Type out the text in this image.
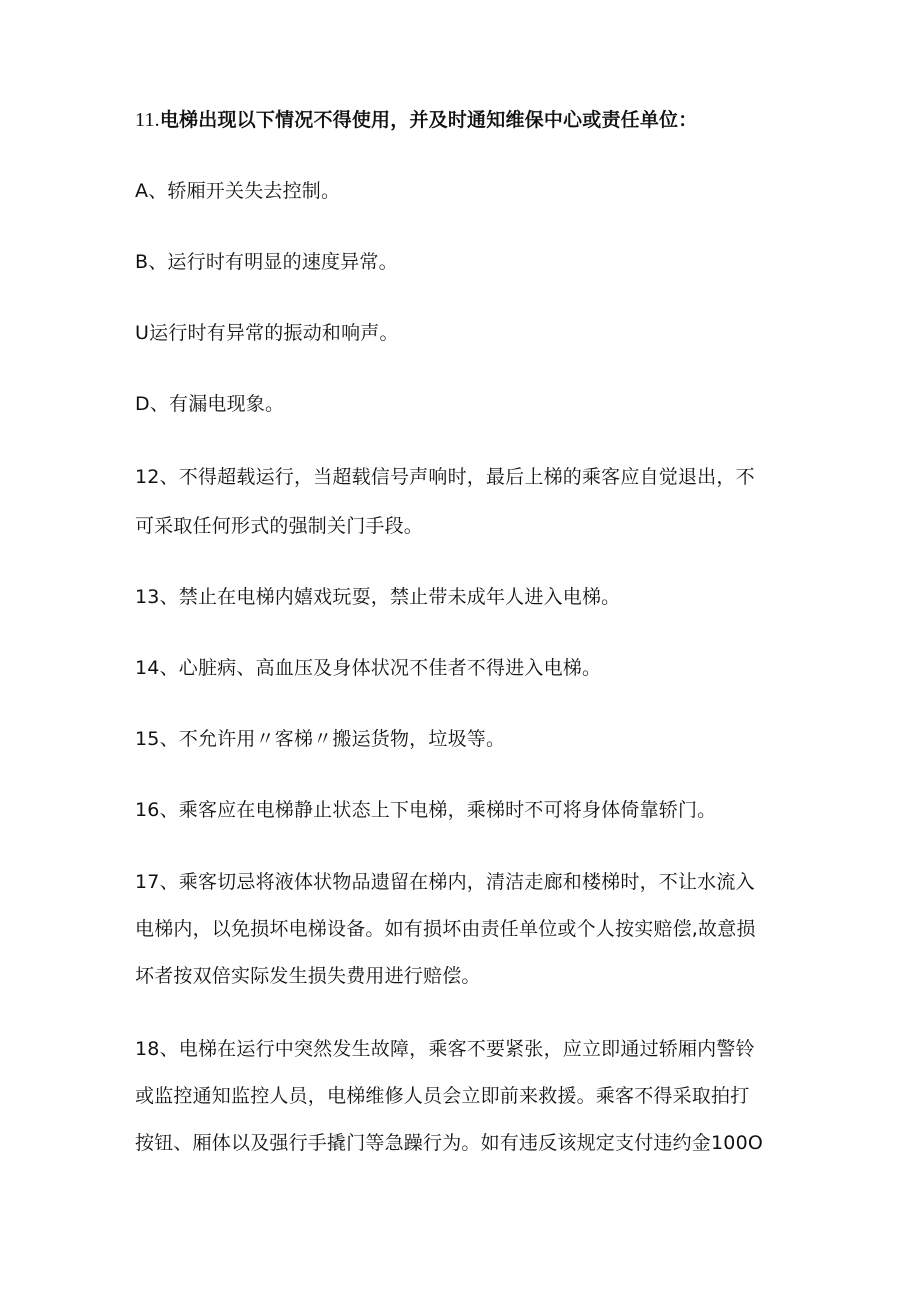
11.电梯出现以下情况不得使用，并及时通知维保中心或责任单位：
A、轿厢开关失去控制。
B、运行时有明显的速度异常。
U运行时有异常的振动和响声。
D、有漏电现象。
12、不得超载运行，当超载信号声响时，最后上梯的乘客应自觉退出，不
可采取任何形式的强制关门手段。
13、禁止在电梯内嬉戏玩耍，禁止带未成年人进入电梯。
14、心脏病、高血压及身体状况不佳者不得进入电梯。
15、不允许用〃客梯〃搬运货物，垃圾等。
16、乘客应在电梯静止状态上下电梯，乘梯时不可将身体倚靠轿门。
17、乘客切忌将液体状物品遗留在梯内，清洁走廊和楼梯时，不让水流入
电梯内，以免损坏电梯设备。如有损坏由责任单位或个人按实赔偿,故意损
坏者按双倍实际发生损失费用进行赔偿。
18、电梯在运行中突然发生故障，乘客不要紧张，应立即通过轿厢内警铃
或监控通知监控人员，电梯维修人员会立即前来救援。乘客不得采取拍打
按钮、厢体以及强行手撬门等急躁行为。如有违反该规定支付违约金100O
